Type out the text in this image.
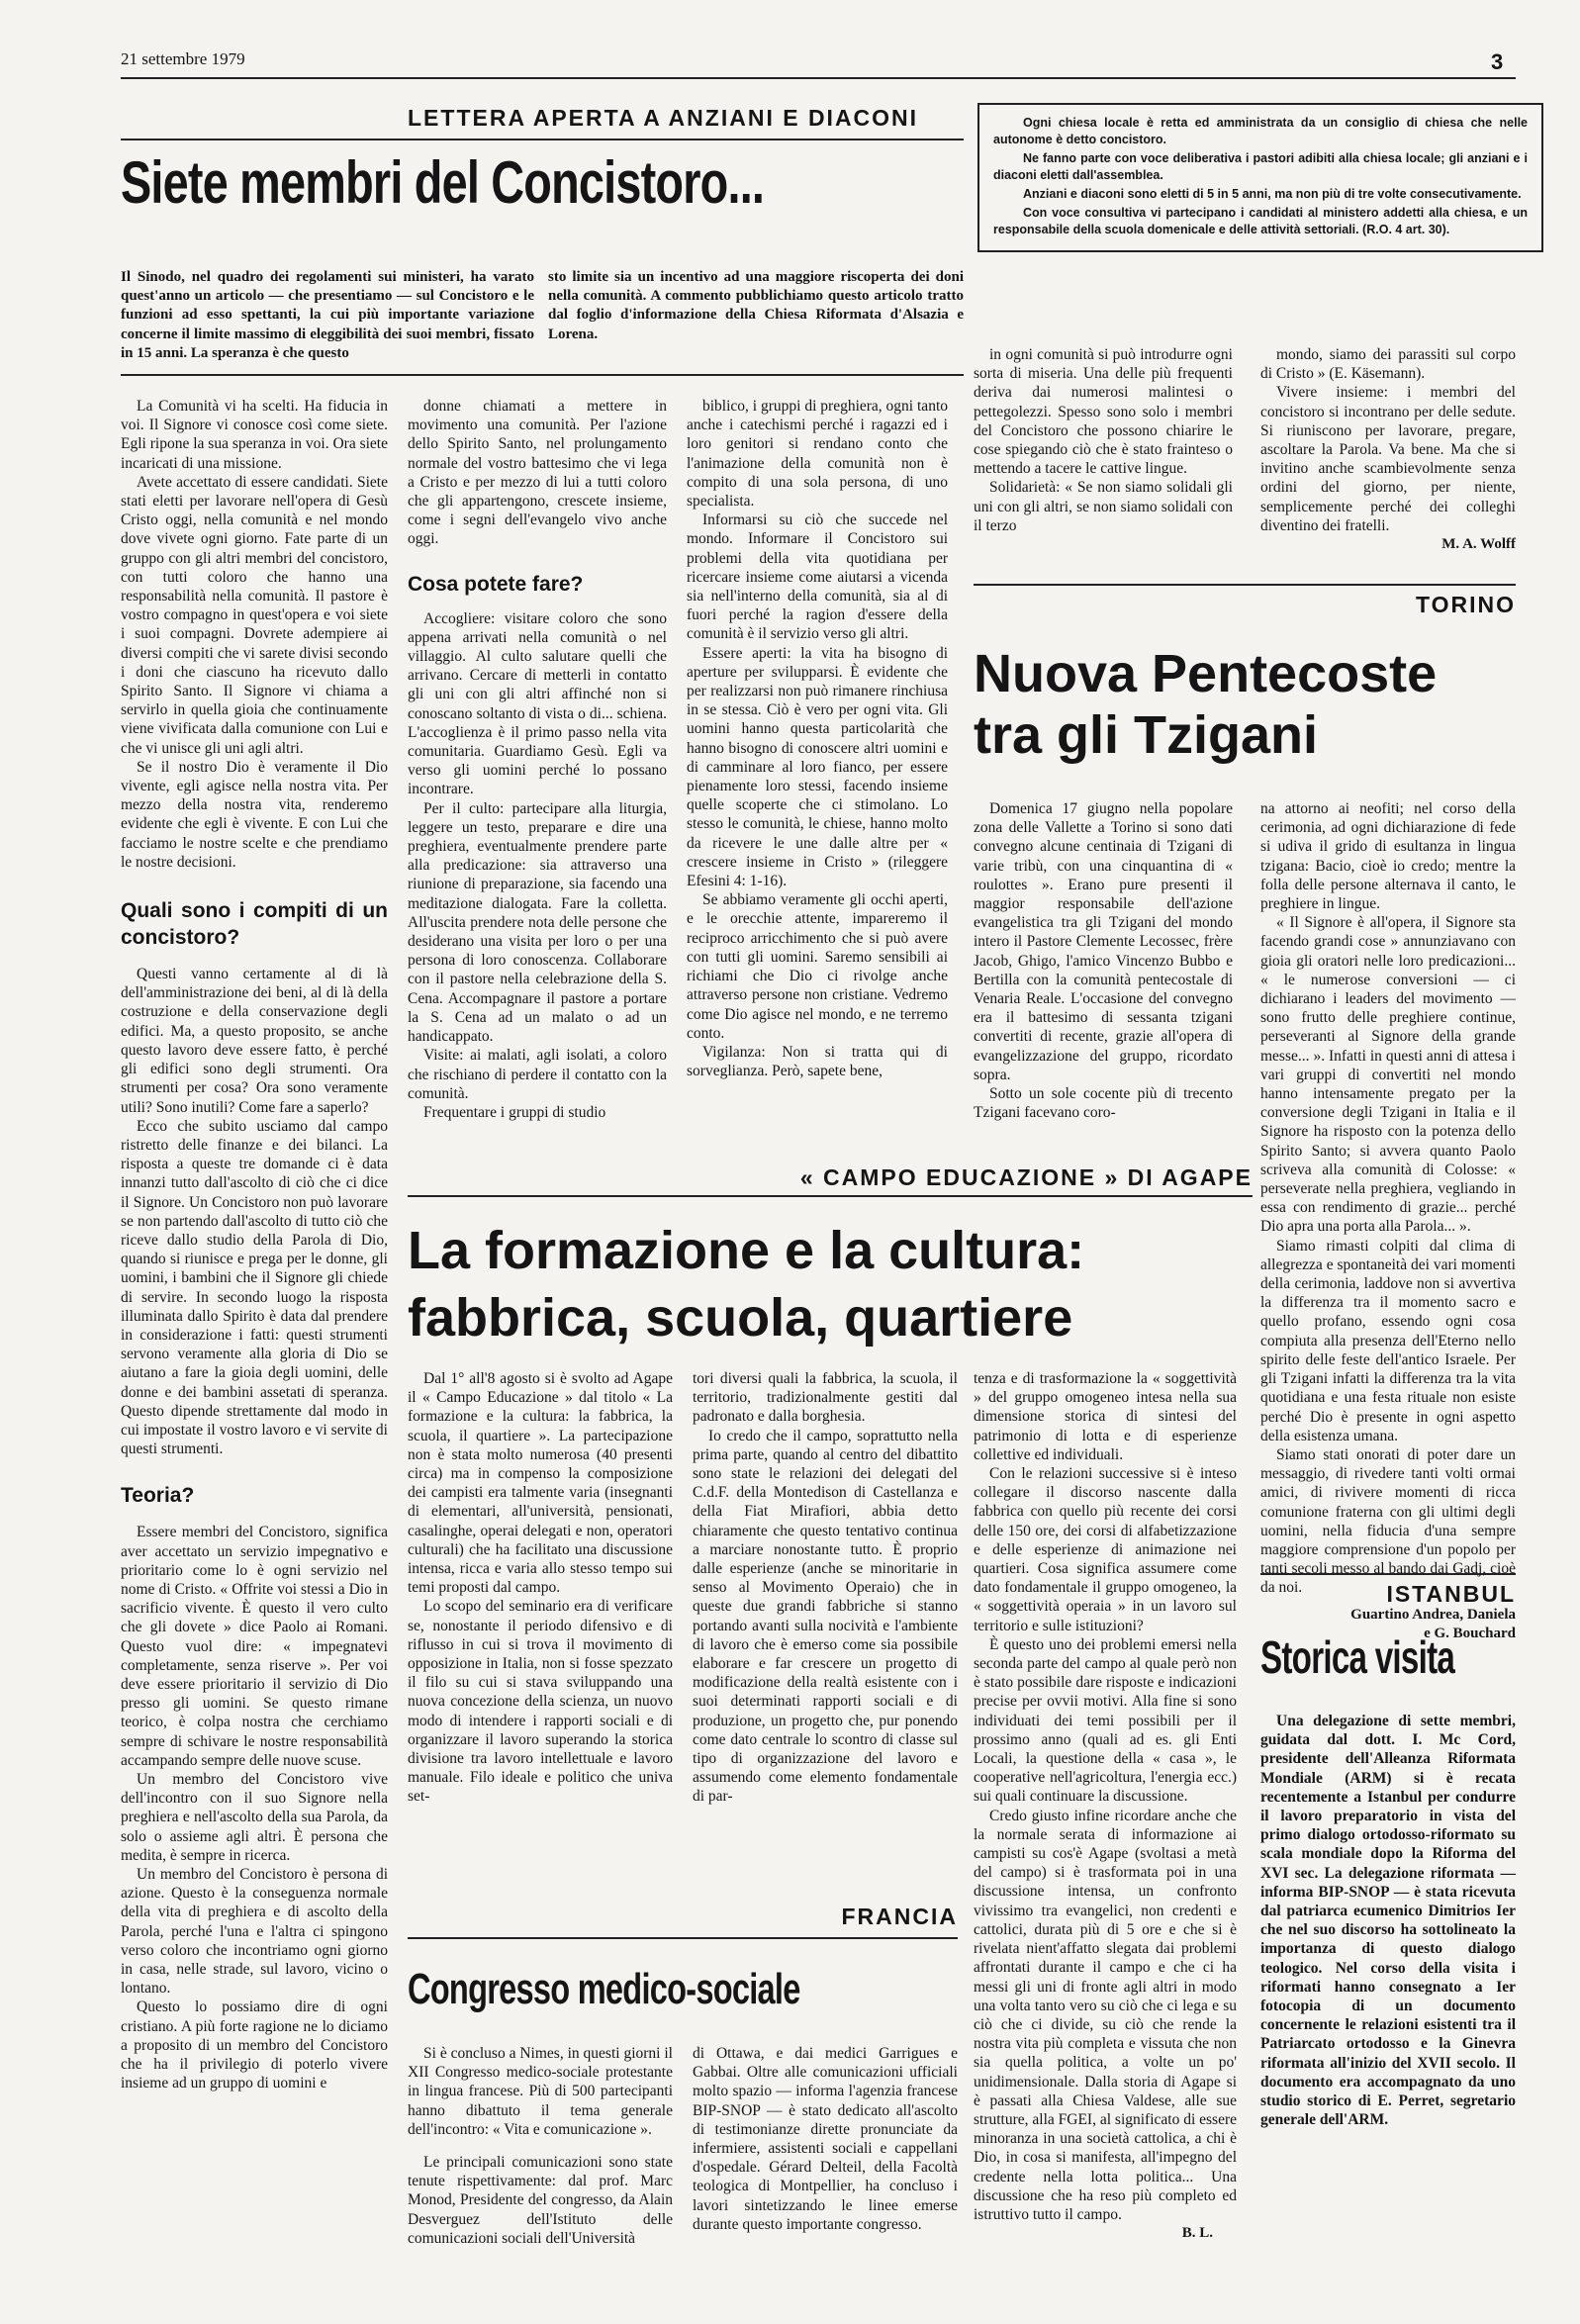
21 settembre 1979	3
LETTERA APERTA A ANZIANI E DIACONI
Siete membri del Concistoro...
Il Sinodo, nel quadro dei regolamenti sui ministeri, ha varato quest'anno un articolo — che presentiamo — sul Concistoro e le funzioni ad esso spettanti, la cui più importante variazione concerne il limite massimo di eleggibilità dei suoi membri, fissato in 15 anni. La speranza è che questo
sto limite sia un incentivo ad una maggiore riscoperta dei doni nella comunità. A commento pubblichiamo questo articolo tratto dal foglio d'informazione della Chiesa Riformata d'Alsazia e Lorena.

Ogni chiesa locale è retta ed amministrata da un consiglio di chiesa che nelle autonome è detto concistoro.

Ne fanno parte con voce deliberativa i pastori adibiti alla chiesa locale; gli anziani e i diaconi eletti dall'assemblea.

Anziani e diaconi sono eletti di 5 in 5 anni, ma non più di tre volte consecutivamente.

Con voce consultiva vi partecipano i candidati al ministero addetti alla chiesa, e un responsabile della scuola domenicale e delle attività settoriali. (R.O. 4 art. 30).

La Comunità vi ha scelti. Ha fiducia in voi. Il Signore vi conosce così come siete. Egli ripone la sua speranza in voi. Ora siete incaricati di una missione.

Avete accettato di essere candidati. Siete stati eletti per lavorare nell'opera di Gesù Cristo oggi, nella comunità e nel mondo dove vivete ogni giorno. Fate parte di un gruppo con gli altri membri del concistoro, con tutti coloro che hanno una responsabilità nella comunità. Il pastore è vostro compagno in quest'opera e voi siete i suoi compagni. Dovrete adempiere ai diversi compiti che vi sarete divisi secondo i doni che ciascuno ha ricevuto dallo Spirito Santo. Il Signore vi chiama a servirlo in quella gioia che continuamente viene vivificata dalla comunione con Lui e che vi unisce gli uni agli altri.

Se il nostro Dio è veramente il Dio vivente, egli agisce nella nostra vita. Per mezzo della nostra vita, renderemo evidente che egli è vivente. E con Lui che facciamo le nostre scelte e che prendiamo le nostre decisioni.

Quali sono i compiti di un concistoro?

Questi vanno certamente al di là dell'amministrazione dei beni, al di là della costruzione e della conservazione degli edifici. Ma, a questo proposito, se anche questo lavoro deve essere fatto, è perché gli edifici sono degli strumenti. Ora strumenti per cosa? Ora sono veramente utili? Sono inutili? Come fare a saperlo?

Ecco che subito usciamo dal campo ristretto delle finanze e dei bilanci. La risposta a queste tre domande ci è data innanzi tutto dall'ascolto di ciò che ci dice il Signore. Un Concistoro non può lavorare se non partendo dall'ascolto di tutto ciò che riceve dallo studio della Parola di Dio, quando si riunisce e prega per le donne, gli uomini, i bambini che il Signore gli chiede di servire. In secondo luogo la risposta illuminata dallo Spirito è data dal prendere in considerazione i fatti: questi strumenti servono veramente alla gloria di Dio se aiutano a fare la gioia degli uomini, delle donne e dei bambini assetati di speranza. Questo dipende strettamente dal modo in cui impostate il vostro lavoro e vi servite di questi strumenti.

Teoria?

Essere membri del Concistoro, significa aver accettato un servizio impegnativo e prioritario come lo è ogni servizio nel nome di Cristo. « Offrite voi stessi a Dio in sacrificio vivente. È questo il vero culto che gli dovete » dice Paolo ai Romani. Questo vuol dire: « impegnatevi completamente, senza riserve ». Per voi deve essere prioritario il servizio di Dio presso gli uomini. Se questo rimane teorico, è colpa nostra che cerchiamo sempre di schivare le nostre responsabilità accampando sempre delle nuove scuse.

Un membro del Concistoro vive dell'incontro con il suo Signore nella preghiera e nell'ascolto della sua Parola, da solo o assieme agli altri. È persona che medita, è sempre in ricerca.

Un membro del Concistoro è persona di azione. Questo è la conseguenza normale della vita di preghiera e di ascolto della Parola, perché l'una e l'altra ci spingono verso coloro che incontriamo ogni giorno in casa, nelle strade, sul lavoro, vicino o lontano.

Questo lo possiamo dire di ogni cristiano. A più forte ragione ne lo diciamo a proposito di un membro del Concistoro che ha il privilegio di poterlo vivere insieme ad un gruppo di uomini e

donne chiamati a mettere in movimento una comunità. Per l'azione dello Spirito Santo, nel prolungamento normale del vostro battesimo che vi lega a Cristo e per mezzo di lui a tutti coloro che gli appartengono, crescete insieme, come i segni dell'evangelo vivo anche oggi.

Cosa potete fare?

Accogliere: visitare coloro che sono appena arrivati nella comunità o nel villaggio. Al culto salutare quelli che arrivano. Cercare di metterli in contatto gli uni con gli altri affinché non si conoscano soltanto di vista o di... schiena. L'accoglienza è il primo passo nella vita comunitaria. Guardiamo Gesù. Egli va verso gli uomini perché lo possano incontrare.

Per il culto: partecipare alla liturgia, leggere un testo, preparare e dire una preghiera, eventualmente prendere parte alla predicazione: sia attraverso una riunione di preparazione, sia facendo una meditazione dialogata. Fare la colletta. All'uscita prendere nota delle persone che desiderano una visita per loro o per una persona di loro conoscenza. Collaborare con il pastore nella celebrazione della S. Cena. Accompagnare il pastore a portare la S. Cena ad un malato o ad un handicappato.

Visite: ai malati, agli isolati, a coloro che rischiano di perdere il contatto con la comunità.

Frequentare i gruppi di studio

biblico, i gruppi di preghiera, ogni tanto anche i catechismi perché i ragazzi ed i loro genitori si rendano conto che l'animazione della comunità non è compito di una sola persona, di uno specialista.

Informarsi su ciò che succede nel mondo. Informare il Concistoro sui problemi della vita quotidiana per ricercare insieme come aiutarsi a vicenda sia nell'interno della comunità, sia al di fuori perché la ragion d'essere della comunità è il servizio verso gli altri.

Essere aperti: la vita ha bisogno di aperture per svilupparsi. È evidente che per realizzarsi non può rimanere rinchiusa in se stessa. Ciò è vero per ogni vita. Gli uomini hanno questa particolarità che hanno bisogno di conoscere altri uomini e di camminare al loro fianco, per essere pienamente loro stessi, facendo insieme quelle scoperte che ci stimolano. Lo stesso le comunità, le chiese, hanno molto da ricevere le une dalle altre per « crescere insieme in Cristo » (rileggere Efesini 4: 1-16).

Se abbiamo veramente gli occhi aperti, e le orecchie attente, impareremo il reciproco arricchimento che si può avere con tutti gli uomini. Saremo sensibili ai richiami che Dio ci rivolge anche attraverso persone non cristiane. Vedremo come Dio agisce nel mondo, e ne terremo conto.

Vigilanza: Non si tratta qui di sorveglianza. Però, sapete bene,

in ogni comunità si può introdurre ogni sorta di miseria. Una delle più frequenti deriva dai numerosi malintesi o pettegolezzi. Spesso sono solo i membri del Concistoro che possono chiarire le cose spiegando ciò che è stato frainteso o mettendo a tacere le cattive lingue.

Solidarietà: « Se non siamo solidali gli uni con gli altri, se non siamo solidali con il terzo

mondo, siamo dei parassiti sul corpo di Cristo » (E. Käsemann).

Vivere insieme: i membri del concistoro si incontrano per delle sedute. Si riuniscono per lavorare, pregare, ascoltare la Parola. Va bene. Ma che si invitino anche scambievolmente senza ordini del giorno, per niente, semplicemente perché dei colleghi diventino dei fratelli.

M. A. Wolff
TORINO
Nuova Pentecoste
tra gli Tzigani

Domenica 17 giugno nella popolare zona delle Vallette a Torino si sono dati convegno alcune centinaia di Tzigani di varie tribù, con una cinquantina di « roulottes ». Erano pure presenti il maggior responsabile dell'azione evangelistica tra gli Tzigani del mondo intero il Pastore Clemente Lecossec, frère Jacob, Ghigo, l'amico Vincenzo Bubbo e Bertilla con la comunità pentecostale di Venaria Reale. L'occasione del convegno era il battesimo di sessanta tzigani convertiti di recente, grazie all'opera di evangelizzazione del gruppo, ricordato sopra.

Sotto un sole cocente più di trecento Tzigani facevano coro-

na attorno ai neofiti; nel corso della cerimonia, ad ogni dichiarazione di fede si udiva il grido di esultanza in lingua tzigana: Bacio, cioè io credo; mentre la folla delle persone alternava il canto, le preghiere in lingue.

« Il Signore è all'opera, il Signore sta facendo grandi cose » annunziavano con gioia gli oratori nelle loro predicazioni... « le numerose conversioni — ci dichiarano i leaders del movimento — sono frutto delle preghiere continue, perseveranti al Signore della grande messe... ». Infatti in questi anni di attesa i vari gruppi di convertiti nel mondo hanno intensamente pregato per la conversione degli Tzigani in Italia e il Signore ha risposto con la potenza dello Spirito Santo; si avvera quanto Paolo scriveva alla comunità di Colosse: « perseverate nella preghiera, vegliando in essa con rendimento di grazie... perché Dio apra una porta alla Parola... ».

Siamo rimasti colpiti dal clima di allegrezza e spontaneità dei vari momenti della cerimonia, laddove non si avvertiva la differenza tra il momento sacro e quello profano, essendo ogni cosa compiuta alla presenza dell'Eterno nello spirito delle feste dell'antico Israele. Per gli Tzigani infatti la differenza tra la vita quotidiana e una festa rituale non esiste perché Dio è presente in ogni aspetto della esistenza umana.

Siamo stati onorati di poter dare un messaggio, di rivedere tanti volti ormai amici, di rivivere momenti di ricca comunione fraterna con gli ultimi degli uomini, nella fiducia d'una sempre maggiore comprensione d'un popolo per tanti secoli messo al bando dai Gadj, cioè da noi.

Guartino Andrea, Daniela
e G. Bouchard
« CAMPO EDUCAZIONE » DI AGAPE
La formazione e la cultura:
fabbrica, scuola, quartiere

Dal 1° all'8 agosto si è svolto ad Agape il « Campo Educazione » dal titolo « La formazione e la cultura: la fabbrica, la scuola, il quartiere ». La partecipazione non è stata molto numerosa (40 presenti circa) ma in compenso la composizione dei campisti era talmente varia (insegnanti di elementari, all'università, pensionati, casalinghe, operai delegati e non, operatori culturali) che ha facilitato una discussione intensa, ricca e varia allo stesso tempo sui temi proposti dal campo.

Lo scopo del seminario era di verificare se, nonostante il periodo difensivo e di riflusso in cui si trova il movimento di opposizione in Italia, non si fosse spezzato il filo su cui si stava sviluppando una nuova concezione della scienza, un nuovo modo di intendere i rapporti sociali e di organizzare il lavoro superando la storica divisione tra lavoro intellettuale e lavoro manuale. Filo ideale e politico che univa set-

tori diversi quali la fabbrica, la scuola, il territorio, tradizionalmente gestiti dal padronato e dalla borghesia.

Io credo che il campo, soprattutto nella prima parte, quando al centro del dibattito sono state le relazioni dei delegati del C.d.F. della Montedison di Castellanza e della Fiat Mirafiori, abbia detto chiaramente che questo tentativo continua a marciare nonostante tutto. È proprio dalle esperienze (anche se minoritarie in senso al Movimento Operaio) che in queste due grandi fabbriche si stanno portando avanti sulla nocività e l'ambiente di lavoro che è emerso come sia possibile elaborare e far crescere un progetto di modificazione della realtà esistente con i suoi determinati rapporti sociali e di produzione, un progetto che, pur ponendo come dato centrale lo scontro di classe sul tipo di organizzazione del lavoro e assumendo come elemento fondamentale di par-

tenza e di trasformazione la « soggettività » del gruppo omogeneo intesa nella sua dimensione storica di sintesi del patrimonio di lotta e di esperienze collettive ed individuali.

Con le relazioni successive si è inteso collegare il discorso nascente dalla fabbrica con quello più recente dei corsi delle 150 ore, dei corsi di alfabetizzazione e delle esperienze di animazione nei quartieri. Cosa significa assumere come dato fondamentale il gruppo omogeneo, la « soggettività operaia » in un lavoro sul territorio e sulle istituzioni?

È questo uno dei problemi emersi nella seconda parte del campo al quale però non è stato possibile dare risposte e indicazioni precise per ovvii motivi. Alla fine si sono individuati dei temi possibili per il prossimo anno (quali ad es. gli Enti Locali, la questione della « casa », le cooperative nell'agricoltura, l'energia ecc.) sui quali continuare la discussione.

Credo giusto infine ricordare anche che la normale serata di informazione ai campisti su cos'è Agape (svoltasi a metà del campo) si è trasformata poi in una discussione intensa, un confronto vivissimo tra evangelici, non credenti e cattolici, durata più di 5 ore e che si è rivelata nient'affatto slegata dai problemi affrontati durante il campo e che ci ha messi gli uni di fronte agli altri in modo una volta tanto vero su ciò che ci lega e su ciò che ci divide, su ciò che rende la nostra vita più completa e vissuta che non sia quella politica, a volte un po' unidimensionale. Dalla storia di Agape si è passati alla Chiesa Valdese, alle sue strutture, alla FGEI, al significato di essere minoranza in una società cattolica, a chi è Dio, in cosa si manifesta, all'impegno del credente nella lotta politica... Una discussione che ha reso più completo ed istruttivo tutto il campo.

B. L.
FRANCIA
Congresso medico-sociale

Si è concluso a Nimes, in questi giorni il XII Congresso medico-sociale protestante in lingua francese. Più di 500 partecipanti hanno dibattuto il tema generale dell'incontro: « Vita e comunicazione ».

Le principali comunicazioni sono state tenute rispettivamente: dal prof. Marc Monod, Presidente del congresso, da Alain Desverguez dell'Istituto delle comunicazioni sociali dell'Università

di Ottawa, e dai medici Garrigues e Gabbai. Oltre alle comunicazioni ufficiali molto spazio — informa l'agenzia francese BIP-SNOP — è stato dedicato all'ascolto di testimonianze dirette pronunciate da infermiere, assistenti sociali e cappellani d'ospedale. Gérard Delteil, della Facoltà teologica di Montpellier, ha concluso i lavori sintetizzando le linee emerse durante questo importante congresso.

ISTANBUL
Storica visita

Una delegazione di sette membri, guidata dal dott. I. Mc Cord, presidente dell'Alleanza Riformata Mondiale (ARM) si è recata recentemente a Istanbul per condurre il lavoro preparatorio in vista del primo dialogo ortodosso-riformato su scala mondiale dopo la Riforma del XVI sec. La delegazione riformata — informa BIP-SNOP — è stata ricevuta dal patriarca ecumenico Dimitrios Ier che nel suo discorso ha sottolineato la importanza di questo dialogo teologico. Nel corso della visita i riformati hanno consegnato a Ier fotocopia di un documento concernente le relazioni esistenti tra il Patriarcato ortodosso e la Ginevra riformata all'inizio del XVII secolo. Il documento era accompagnato da uno studio storico di E. Perret, segretario generale dell'ARM.
